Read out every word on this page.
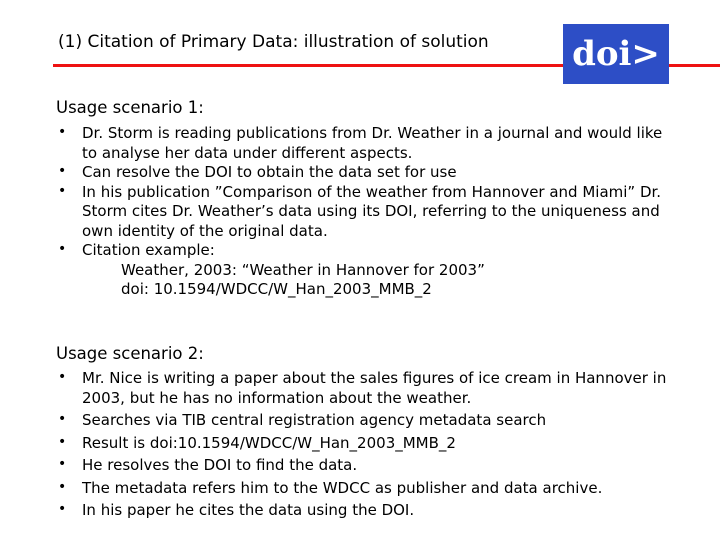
(1) Citation of Primary Data: illustration of solution doi>
Usage scenario 1:
• Dr. Storm is reading publications from Dr. Weather in a journal and would like to analyse her data under different aspects.
• Can resolve the DOI to obtain the data set for use
• In his publication ”Comparison of the weather from Hannover and Miami” Dr. Storm cites Dr. Weather’s data using its DOI, referring to the uniqueness and own identity of the original data.
• Citation example:
Weather, 2003: “Weather in Hannover for 2003”
doi: 10.1594/WDCC/W_Han_2003_MMB_2
Usage scenario 2:
• Mr. Nice is writing a paper about the sales figures of ice cream in Hannover in 2003, but he has no information about the weather.
• Searches via TIB central registration agency metadata search
• Result is doi:10.1594/WDCC/W_Han_2003_MMB_2
• He resolves the DOI to find the data.
• The metadata refers him to the WDCC as publisher and data archive.
• In his paper he cites the data using the DOI.
